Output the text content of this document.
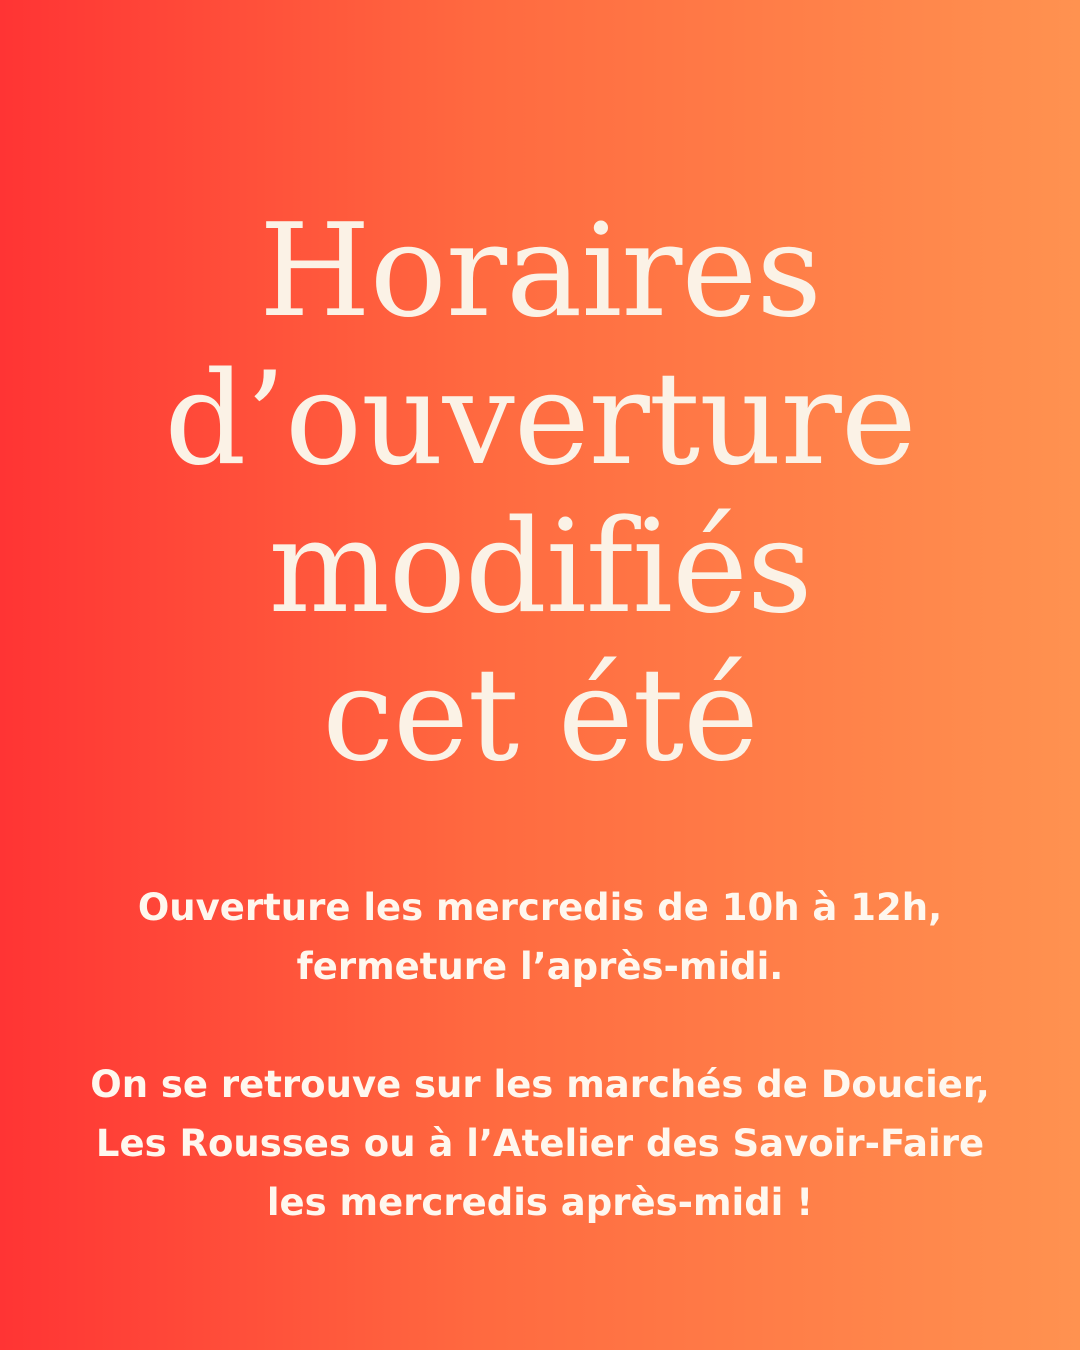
Horaires
d’ouverture
modifiés
cet été

Ouverture les mercredis de 10h à 12h,
fermeture l’après-midi.

On se retrouve sur les marchés de Doucier,
Les Rousses ou à l’Atelier des Savoir-Faire
les mercredis après-midi !
